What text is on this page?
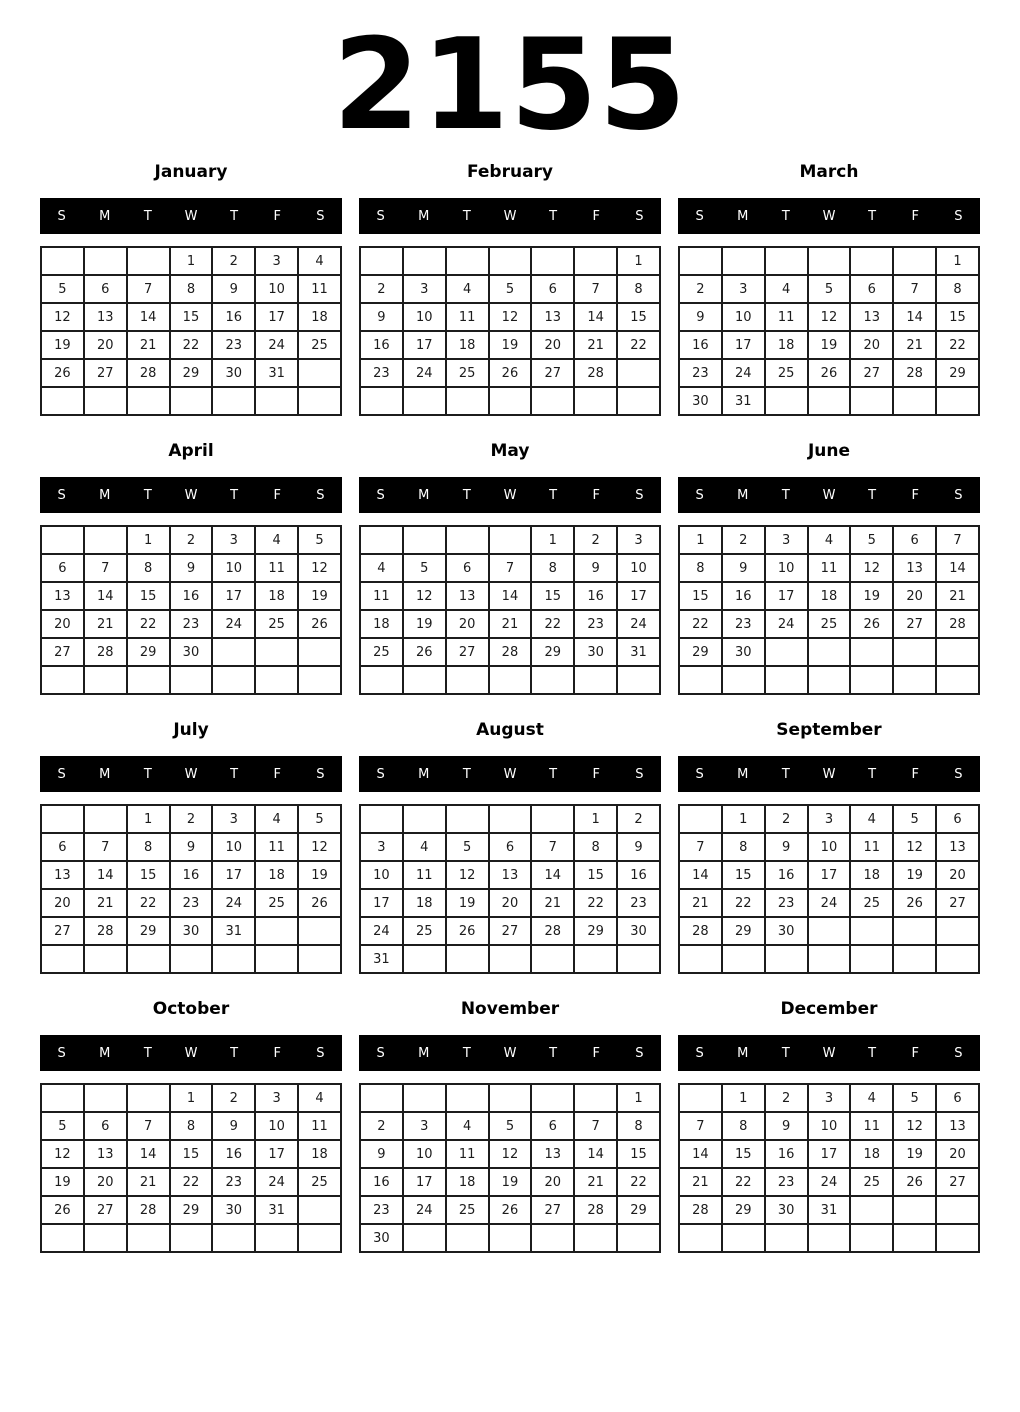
2155
January
S	M	T	W	T	F	S
			1	2	3	4
5	6	7	8	9	10	11
12	13	14	15	16	17	18
19	20	21	22	23	24	25
26	27	28	29	30	31	

February
S	M	T	W	T	F	S
						1
2	3	4	5	6	7	8
9	10	11	12	13	14	15
16	17	18	19	20	21	22
23	24	25	26	27	28	

March
S	M	T	W	T	F	S
						1
2	3	4	5	6	7	8
9	10	11	12	13	14	15
16	17	18	19	20	21	22
23	24	25	26	27	28	29
30	31					
April
S	M	T	W	T	F	S
		1	2	3	4	5
6	7	8	9	10	11	12
13	14	15	16	17	18	19
20	21	22	23	24	25	26
27	28	29	30			

May
S	M	T	W	T	F	S
				1	2	3
4	5	6	7	8	9	10
11	12	13	14	15	16	17
18	19	20	21	22	23	24
25	26	27	28	29	30	31

June
S	M	T	W	T	F	S
1	2	3	4	5	6	7
8	9	10	11	12	13	14
15	16	17	18	19	20	21
22	23	24	25	26	27	28
29	30					

July
S	M	T	W	T	F	S
		1	2	3	4	5
6	7	8	9	10	11	12
13	14	15	16	17	18	19
20	21	22	23	24	25	26
27	28	29	30	31		

August
S	M	T	W	T	F	S
					1	2
3	4	5	6	7	8	9
10	11	12	13	14	15	16
17	18	19	20	21	22	23
24	25	26	27	28	29	30
31						
September
S	M	T	W	T	F	S
	1	2	3	4	5	6
7	8	9	10	11	12	13
14	15	16	17	18	19	20
21	22	23	24	25	26	27
28	29	30				

October
S	M	T	W	T	F	S
			1	2	3	4
5	6	7	8	9	10	11
12	13	14	15	16	17	18
19	20	21	22	23	24	25
26	27	28	29	30	31	

November
S	M	T	W	T	F	S
						1
2	3	4	5	6	7	8
9	10	11	12	13	14	15
16	17	18	19	20	21	22
23	24	25	26	27	28	29
30						
December
S	M	T	W	T	F	S
	1	2	3	4	5	6
7	8	9	10	11	12	13
14	15	16	17	18	19	20
21	22	23	24	25	26	27
28	29	30	31			
